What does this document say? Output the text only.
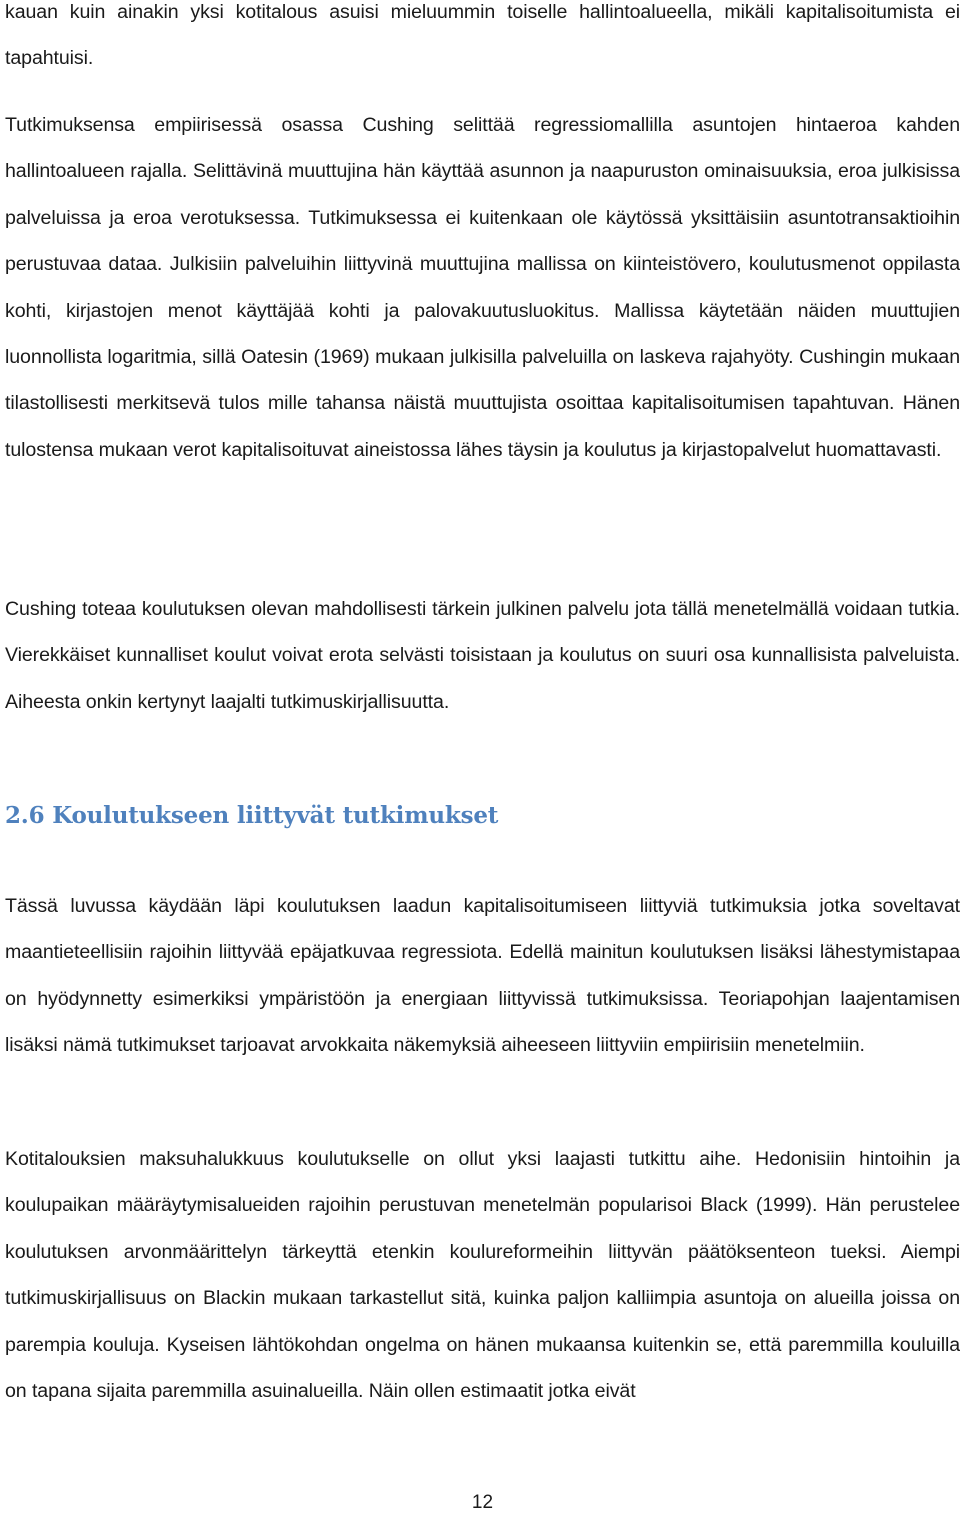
kauan kuin ainakin yksi kotitalous asuisi mieluummin toiselle hallintoalueella, mikäli kapitalisoitumista ei tapahtuisi.

Tutkimuksensa empiirisessä osassa Cushing selittää regressiomallilla asuntojen hintaeroa kahden hallintoalueen rajalla. Selittävinä muuttujina hän käyttää asunnon ja naapuruston ominaisuuksia, eroa julkisissa palveluissa ja eroa verotuksessa. Tutkimuksessa ei kuitenkaan ole käytössä yksittäisiin asuntotransaktioihin perustuvaa dataa. Julkisiin palveluihin liittyvinä muuttujina mallissa on kiinteistövero, koulutusmenot oppilasta kohti, kirjastojen menot käyttäjää kohti ja palovakuutusluokitus. Mallissa käytetään näiden muuttujien luonnollista logaritmia, sillä Oatesin (1969) mukaan julkisilla palveluilla on laskeva rajahyöty. Cushingin mukaan tilastollisesti merkitsevä tulos mille tahansa näistä muuttujista osoittaa kapitalisoitumisen tapahtuvan. Hänen tulostensa mukaan verot kapitalisoituvat aineistossa lähes täysin ja koulutus ja kirjastopalvelut huomattavasti.

Cushing toteaa koulutuksen olevan mahdollisesti tärkein julkinen palvelu jota tällä menetelmällä voidaan tutkia. Vierekkäiset kunnalliset koulut voivat erota selvästi toisistaan ja koulutus on suuri osa kunnallisista palveluista. Aiheesta onkin kertynyt laajalti tutkimuskirjallisuutta.

2.6 Koulutukseen liittyvät tutkimukset

Tässä luvussa käydään läpi koulutuksen laadun kapitalisoitumiseen liittyviä tutkimuksia jotka soveltavat maantieteellisiin rajoihin liittyvää epäjatkuvaa regressiota. Edellä mainitun koulutuksen lisäksi lähestymistapaa on hyödynnetty esimerkiksi ympäristöön ja energiaan liittyvissä tutkimuksissa. Teoriapohjan laajentamisen lisäksi nämä tutkimukset tarjoavat arvokkaita näkemyksiä aiheeseen liittyviin empiirisiin menetelmiin.

Kotitalouksien maksuhalukkuus koulutukselle on ollut yksi laajasti tutkittu aihe. Hedonisiin hintoihin ja koulupaikan määräytymisalueiden rajoihin perustuvan menetelmän popularisoi Black (1999). Hän perustelee koulutuksen arvonmäärittelyn tärkeyttä etenkin koulureformeihin liittyvän päätöksenteon tueksi. Aiempi tutkimuskirjallisuus on Blackin mukaan tarkastellut sitä, kuinka paljon kalliimpia asuntoja on alueilla joissa on parempia kouluja. Kyseisen lähtökohdan ongelma on hänen mukaansa kuitenkin se, että paremmilla kouluilla on tapana sijaita paremmilla asuinalueilla. Näin ollen estimaatit jotka eivät

12
